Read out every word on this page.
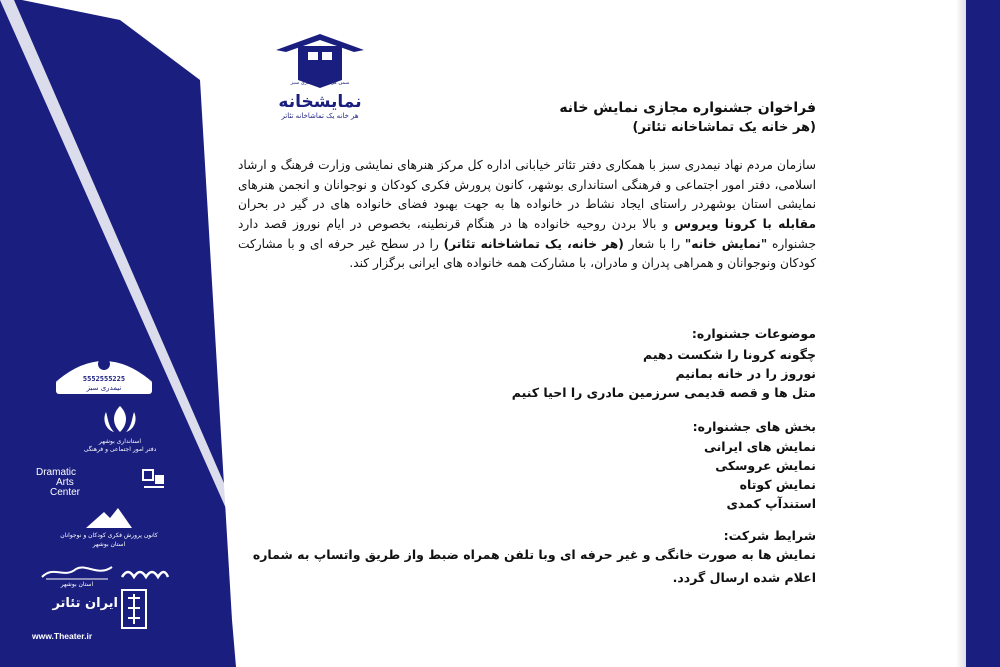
سمن مردم نهاد نیمدری سبز
نمایشخانه
هر خانه یک تماشاخانه تئاتر	فراخوان جشنواره مجازی نمایش خانه
(هر خانه یک تماشاخانه تئاتر)

سازمان مردم نهاد نیمدری سبز با همکاری دفتر تئاتر خیابانی اداره کل مرکز هنرهای نمایشی وزارت فرهنگ و ارشاد اسلامی، دفتر امور اجتماعی و فرهنگی استانداری بوشهر، کانون پرورش فکری کودکان و نوجوانان و انجمن هنرهای نمایشی استان بوشهردر راستای ایجاد نشاط در خانواده ها به جهت بهبود فضای خانواده های در گیر در بحران مقابله با کرونا ویروس و بالا بردن روحیه خانواده ها در هنگام قرنطینه، بخصوص در ایام نوروز قصد دارد جشنواره "نمایش خانه" را با شعار (هر خانه، یک تماشاخانه تئاتر) را در سطح غیر حرفه ای و با مشارکت کودکان ونوجوانان و همراهی پدران و مادران، با مشارکت همه خانواده های ایرانی برگزار کند.

موضوعات جشنواره:
چگونه کرونا را شکست دهیم
نوروز را در خانه بمانیم
متل ها و قصه قدیمی سرزمین مادری را احیا کنیم
بخش های جشنواره:
نمایش های ایرانی
نمایش عروسکی
نمایش کوتاه
استندآپ کمدی
شرایط شرکت:
نمایش ها به صورت خانگی و غیر حرفه ای وبا تلفن همراه ضبط واز طریق واتساپ به شماره اعلام شده ارسال گردد.
5552555225
نیمدری سبز
استانداری بوشهر
دفتر امور اجتماعی و فرهنگی
Dramatic
Arts
Center
کانون پرورش فکری کودکان و نوجوانان
استان بوشهر
استان بوشهر
ایران تئاتر
www.Theater.ir
